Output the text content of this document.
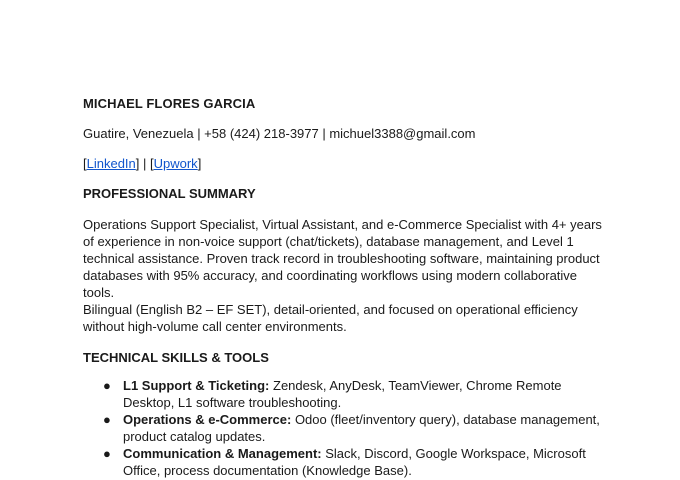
MICHAEL FLORES GARCIA

Guatire, Venezuela | +58 (424) 218-3977 | michuel3388@gmail.com

[LinkedIn] | [Upwork]

PROFESSIONAL SUMMARY

Operations Support Specialist, Virtual Assistant, and e-Commerce Specialist with 4+ years
of experience in non-voice support (chat/tickets), database management, and Level 1
technical assistance. Proven track record in troubleshooting software, maintaining product
databases with 95% accuracy, and coordinating workflows using modern collaborative tools.
Bilingual (English B2 – EF SET), detail-oriented, and focused on operational efficiency
without high-volume call center environments.

TECHNICAL SKILLS & TOOLS

● L1 Support & Ticketing: Zendesk, AnyDesk, TeamViewer, Chrome Remote
Desktop, L1 software troubleshooting.
● Operations & e-Commerce: Odoo (fleet/inventory query), database management,
product catalog updates.
● Communication & Management: Slack, Discord, Google Workspace, Microsoft
Office, process documentation (Knowledge Base).
